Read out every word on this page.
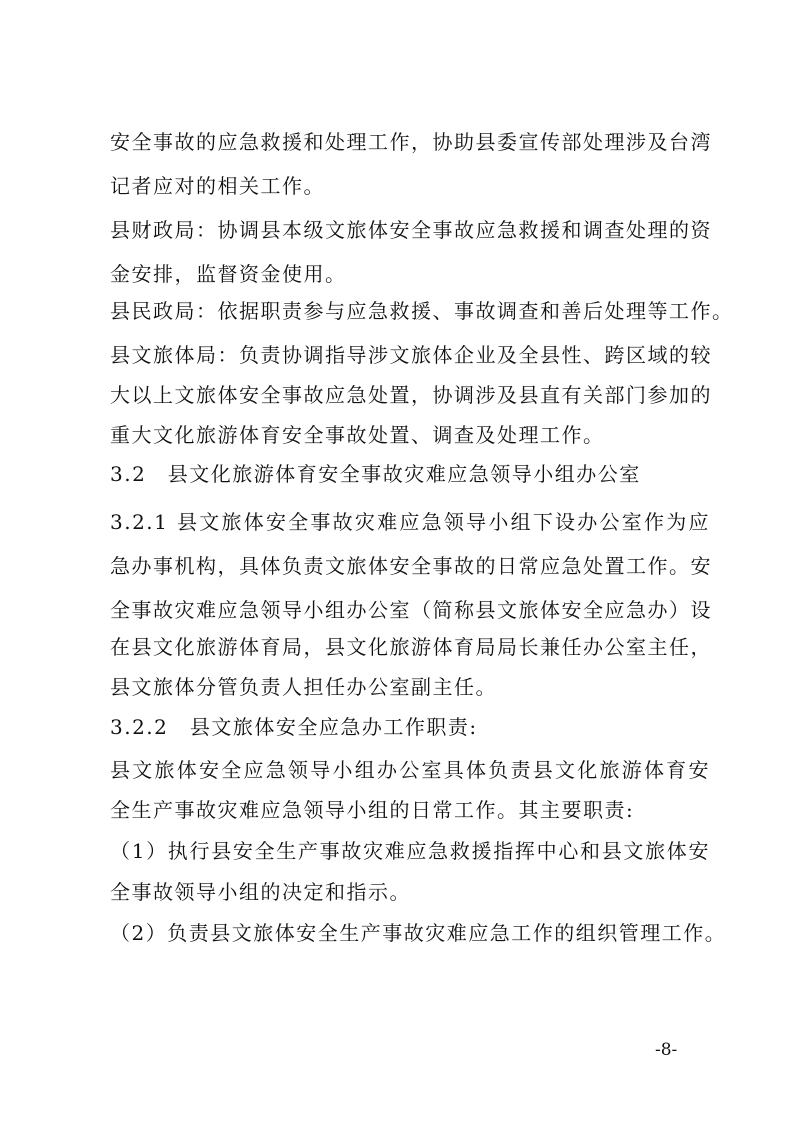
安全事故的应急救援和处理工作，协助县委宣传部处理涉及台湾
记者应对的相关工作。
县财政局：协调县本级文旅体安全事故应急救援和调查处理的资
金安排，监督资金使用。
县民政局：依据职责参与应急救援、事故调查和善后处理等工作。
县文旅体局：负责协调指导涉文旅体企业及全县性、跨区域的较
大以上文旅体安全事故应急处置，协调涉及县直有关部门参加的
重大文化旅游体育安全事故处置、调查及处理工作。
3.2　县文化旅游体育安全事故灾难应急领导小组办公室
3.2.1 县文旅体安全事故灾难应急领导小组下设办公室作为应
急办事机构，具体负责文旅体安全事故的日常应急处置工作。安
全事故灾难应急领导小组办公室（简称县文旅体安全应急办）设
在县文化旅游体育局，县文化旅游体育局局长兼任办公室主任，
县文旅体分管负责人担任办公室副主任。
3.2.2　县文旅体安全应急办工作职责:
县文旅体安全应急领导小组办公室具体负责县文化旅游体育安
全生产事故灾难应急领导小组的日常工作。其主要职责:
（1）执行县安全生产事故灾难应急救援指挥中心和县文旅体安
全事故领导小组的决定和指示。
（2）负责县文旅体安全生产事故灾难应急工作的组织管理工作。
-8-
